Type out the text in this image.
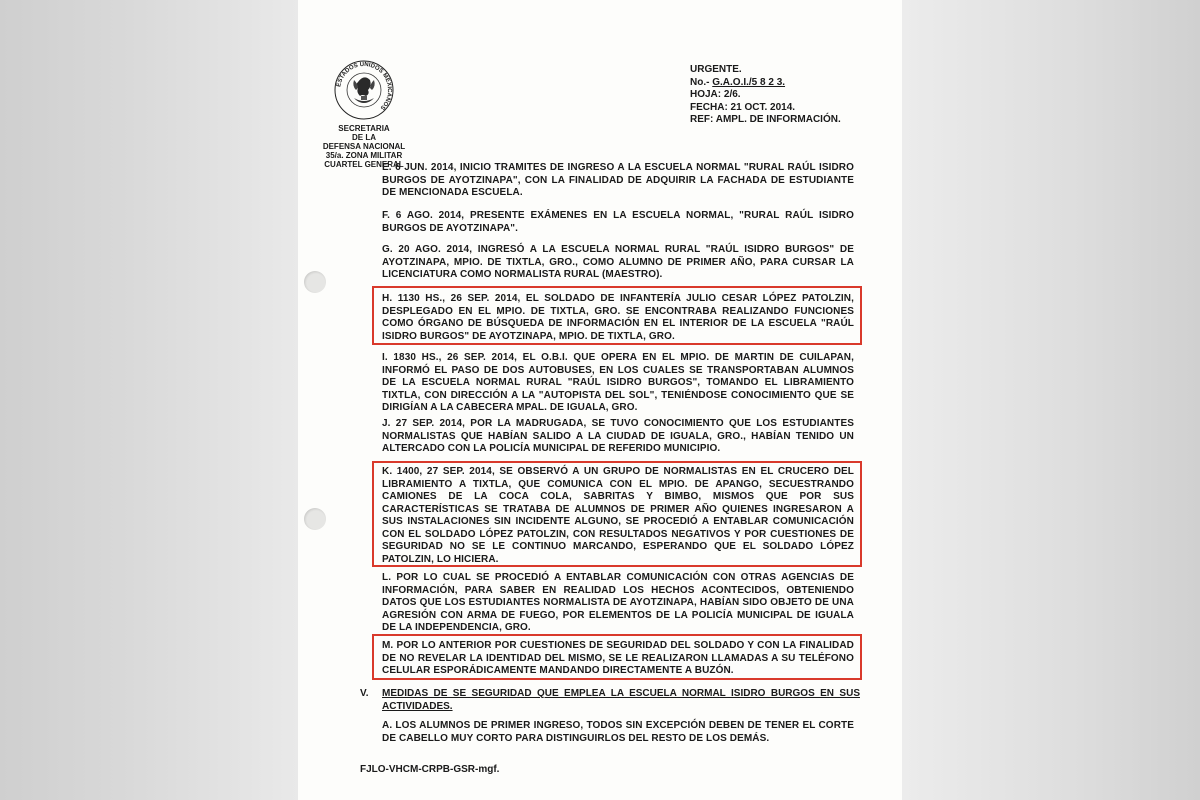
ESTADOS UNIDOS MEXICANOS
SECRETARIA
DE LA
DEFENSA NACIONAL
35/a. ZONA MILITAR
CUARTEL GENERAL
URGENTE.
No.- G.A.O.I./5 8 2 3.
HOJA: 2/6.
FECHA: 21 OCT. 2014.
REF: AMPL. DE INFORMACIÓN.

E. 6 JUN. 2014, INICIO TRAMITES DE INGRESO A LA ESCUELA NORMAL "RURAL RAÚL ISIDRO BURGOS DE AYOTZINAPA", CON LA FINALIDAD DE ADQUIRIR LA FACHADA DE ESTUDIANTE DE MENCIONADA ESCUELA.

F. 6 AGO. 2014, PRESENTE EXÁMENES EN LA ESCUELA NORMAL, "RURAL RAÚL ISIDRO BURGOS DE AYOTZINAPA".

G. 20 AGO. 2014, INGRESÓ A LA ESCUELA NORMAL RURAL "RAÚL ISIDRO BURGOS" DE AYOTZINAPA, MPIO. DE TIXTLA, GRO., COMO ALUMNO DE PRIMER AÑO, PARA CURSAR LA LICENCIATURA COMO NORMALISTA RURAL (MAESTRO).

H. 1130 HS., 26 SEP. 2014, EL SOLDADO DE INFANTERÍA JULIO CESAR LÓPEZ PATOLZIN, DESPLEGADO EN EL MPIO. DE TIXTLA, GRO. SE ENCONTRABA REALIZANDO FUNCIONES COMO ÓRGANO DE BÚSQUEDA DE INFORMACIÓN EN EL INTERIOR DE LA ESCUELA "RAÚL ISIDRO BURGOS" DE AYOTZINAPA, MPIO. DE TIXTLA, GRO.

I. 1830 HS., 26 SEP. 2014, EL O.B.I. QUE OPERA EN EL MPIO. DE MARTIN DE CUILAPAN, INFORMÓ EL PASO DE DOS AUTOBUSES, EN LOS CUALES SE TRANSPORTABAN ALUMNOS DE LA ESCUELA NORMAL RURAL "RAÚL ISIDRO BURGOS", TOMANDO EL LIBRAMIENTO TIXTLA, CON DIRECCIÓN A LA "AUTOPISTA DEL SOL", TENIÉNDOSE CONOCIMIENTO QUE SE DIRIGÍAN A LA CABECERA MPAL. DE IGUALA, GRO.

J. 27 SEP. 2014, POR LA MADRUGADA, SE TUVO CONOCIMIENTO QUE LOS ESTUDIANTES NORMALISTAS QUE HABÍAN SALIDO A LA CIUDAD DE IGUALA, GRO., HABÍAN TENIDO UN ALTERCADO CON LA POLICÍA MUNICIPAL DE REFERIDO MUNICIPIO.

K. 1400, 27 SEP. 2014, SE OBSERVÓ A UN GRUPO DE NORMALISTAS EN EL CRUCERO DEL LIBRAMIENTO A TIXTLA, QUE COMUNICA CON EL MPIO. DE APANGO, SECUESTRANDO CAMIONES DE LA COCA COLA, SABRITAS Y BIMBO, MISMOS QUE POR SUS CARACTERÍSTICAS SE TRATABA DE ALUMNOS DE PRIMER AÑO QUIENES INGRESARON A SUS INSTALACIONES SIN INCIDENTE ALGUNO, SE PROCEDIÓ A ENTABLAR COMUNICACIÓN CON EL SOLDADO LÓPEZ PATOLZIN, CON RESULTADOS NEGATIVOS Y POR CUESTIONES DE SEGURIDAD NO SE LE CONTINUO MARCANDO, ESPERANDO QUE EL SOLDADO LÓPEZ PATOLZIN, LO HICIERA.

L. POR LO CUAL SE PROCEDIÓ A ENTABLAR COMUNICACIÓN CON OTRAS AGENCIAS DE INFORMACIÓN, PARA SABER EN REALIDAD LOS HECHOS ACONTECIDOS, OBTENIENDO DATOS QUE LOS ESTUDIANTES NORMALISTA DE AYOTZINAPA, HABÍAN SIDO OBJETO DE UNA AGRESIÓN CON ARMA DE FUEGO, POR ELEMENTOS DE LA POLICÍA MUNICIPAL DE IGUALA DE LA INDEPENDENCIA, GRO.

M. POR LO ANTERIOR POR CUESTIONES DE SEGURIDAD DEL SOLDADO Y CON LA FINALIDAD DE NO REVELAR LA IDENTIDAD DEL MISMO, SE LE REALIZARON LLAMADAS A SU TELÉFONO CELULAR ESPORÁDICAMENTE MANDANDO DIRECTAMENTE A BUZÓN.

V. MEDIDAS DE SE SEGURIDAD QUE EMPLEA LA ESCUELA NORMAL ISIDRO BURGOS EN SUS ACTIVIDADES.

A. LOS ALUMNOS DE PRIMER INGRESO, TODOS SIN EXCEPCIÓN DEBEN DE TENER EL CORTE DE CABELLO MUY CORTO PARA DISTINGUIRLOS DEL RESTO DE LOS DEMÁS.

FJLO-VHCM-CRPB-GSR-mgf.
